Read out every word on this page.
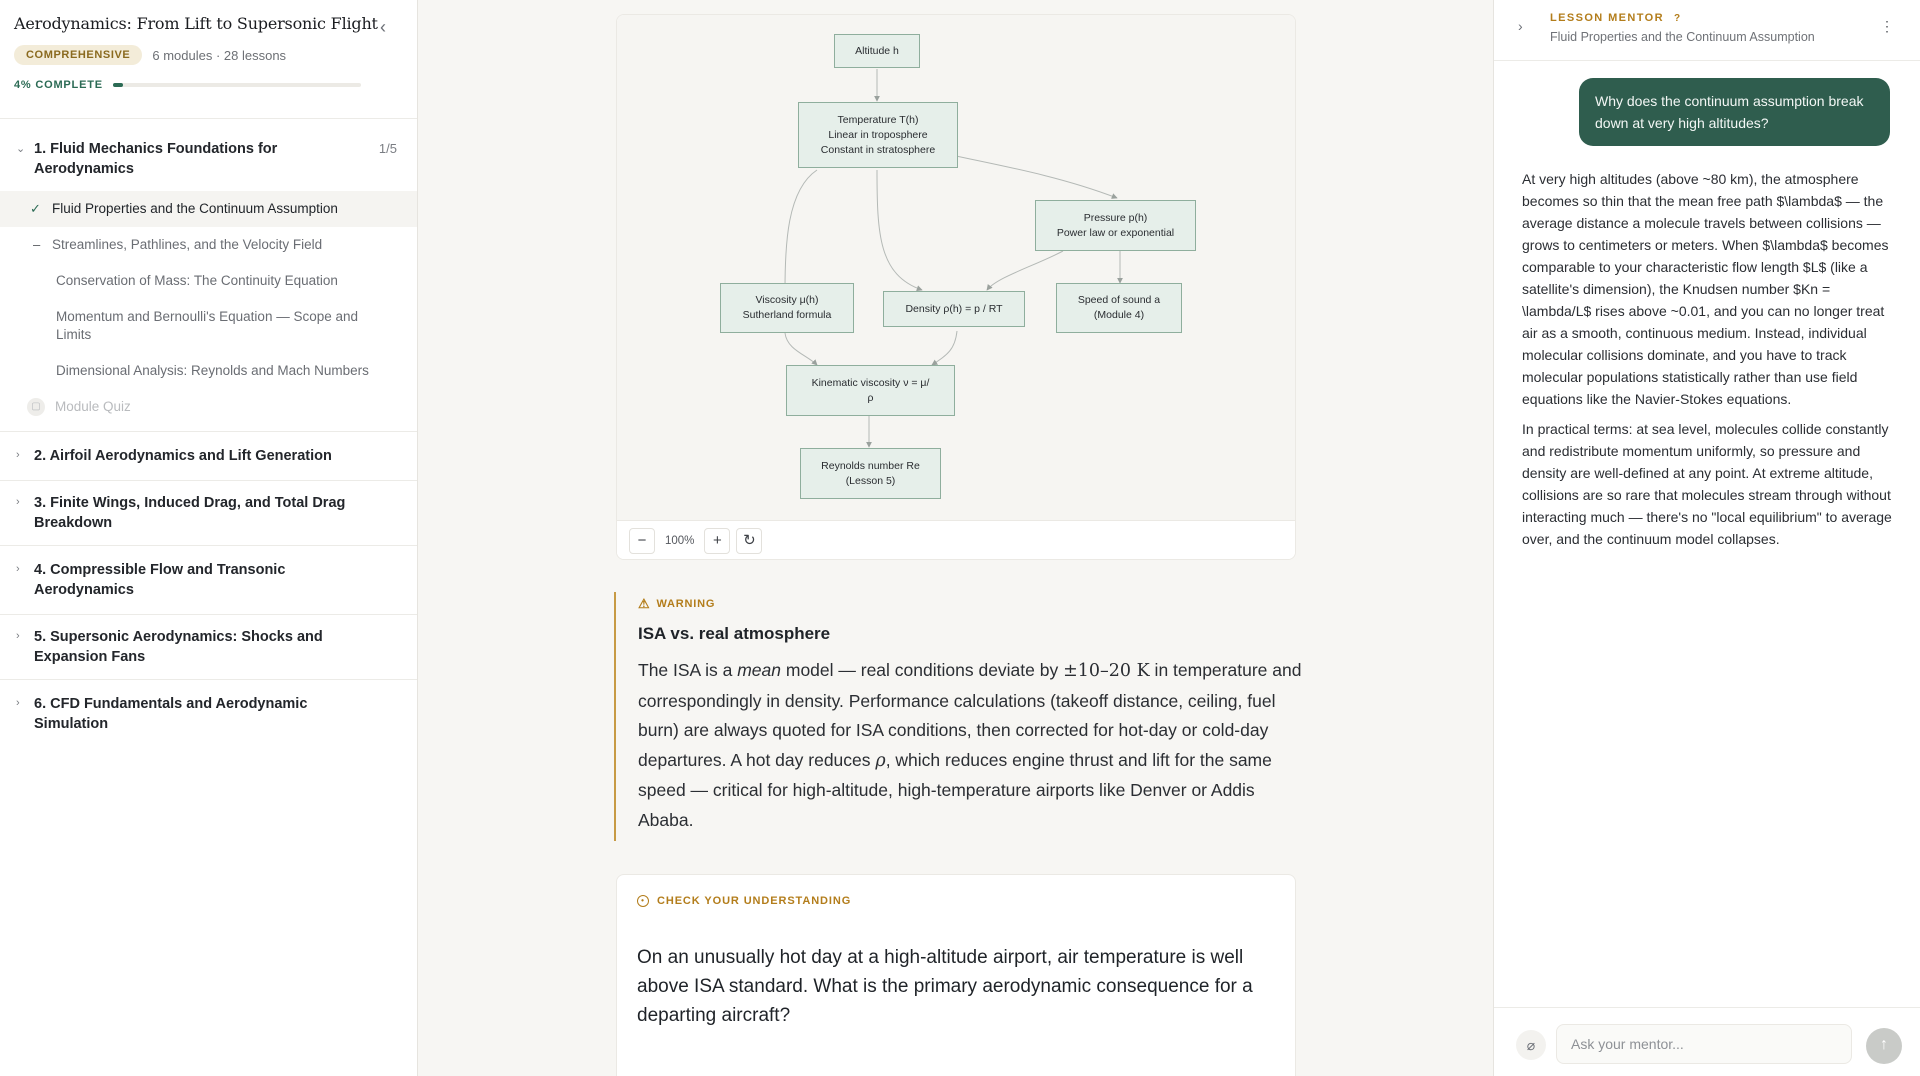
Aerodynamics: From Lift to Supersonic Flight ‹
COMPREHENSIVE	6 modules · 28 lessons
4% COMPLETE
⌄ 1. Fluid Mechanics Foundations for Aerodynamics
1/5
✓ Fluid Properties and the Continuum Assumption
– Streamlines, Pathlines, and the Velocity Field
Conservation of Mass: The Continuity Equation
Momentum and Bernoulli's Equation — Scope and Limits
Dimensional Analysis: Reynolds and Mach Numbers
▢	Module Quiz
› 2. Airfoil Aerodynamics and Lift Generation
› 3. Finite Wings, Induced Drag, and Total Drag Breakdown
› 4. Compressible Flow and Transonic Aerodynamics
› 5. Supersonic Aerodynamics: Shocks and Expansion Fans
› 6. CFD Fundamentals and Aerodynamic Simulation
Altitude h
Temperature T(h)
Linear in troposphere
Constant in stratosphere
Pressure p(h)
Power law or exponential
Viscosity μ(h)
Sutherland formula
Density ρ(h) = p / RT
Speed of sound a
(Module 4)
Kinematic viscosity ν = μ/
ρ
Reynolds number Re
(Lesson 5)
−	100%	+	↻
⚠ WARNING
ISA vs. real atmosphere

The ISA is a mean model — real conditions deviate by ±10–20 K in temperature and correspondingly in density. Performance calculations (takeoff distance, ceiling, fuel burn) are always quoted for ISA conditions, then corrected for hot-day or cold-day departures. A hot day reduces ρ, which reduces engine thrust and lift for the same speed — critical for high-altitude, high-temperature airports like Denver or Addis Ababa.

•	CHECK YOUR UNDERSTANDING

On an unusually hot day at a high-altitude airport, air temperature is well above ISA standard. What is the primary aerodynamic consequence for a departing aircraft?

› LESSON MENTOR ?
Fluid Properties and the Continuum Assumption
⋮
Why does the continuum assumption break down at very high altitudes?

At very high altitudes (above ~80 km), the atmosphere becomes so thin that the mean free path $\lambda$ — the average distance a molecule travels between collisions — grows to centimeters or meters. When $\lambda$ becomes comparable to your characteristic flow length $L$ (like a satellite's dimension), the Knudsen number $Kn = \lambda/L$ rises above ~0.01, and you can no longer treat air as a smooth, continuous medium. Instead, individual molecular collisions dominate, and you have to track molecular populations statistically rather than use field equations like the Navier-Stokes equations.

In practical terms: at sea level, molecules collide constantly and redistribute momentum uniformly, so pressure and density are well-defined at any point. At extreme altitude, collisions are so rare that molecules stream through without interacting much — there's no "local equilibrium" to average over, and the continuum model collapses.

⌀
Ask your mentor...	↑
